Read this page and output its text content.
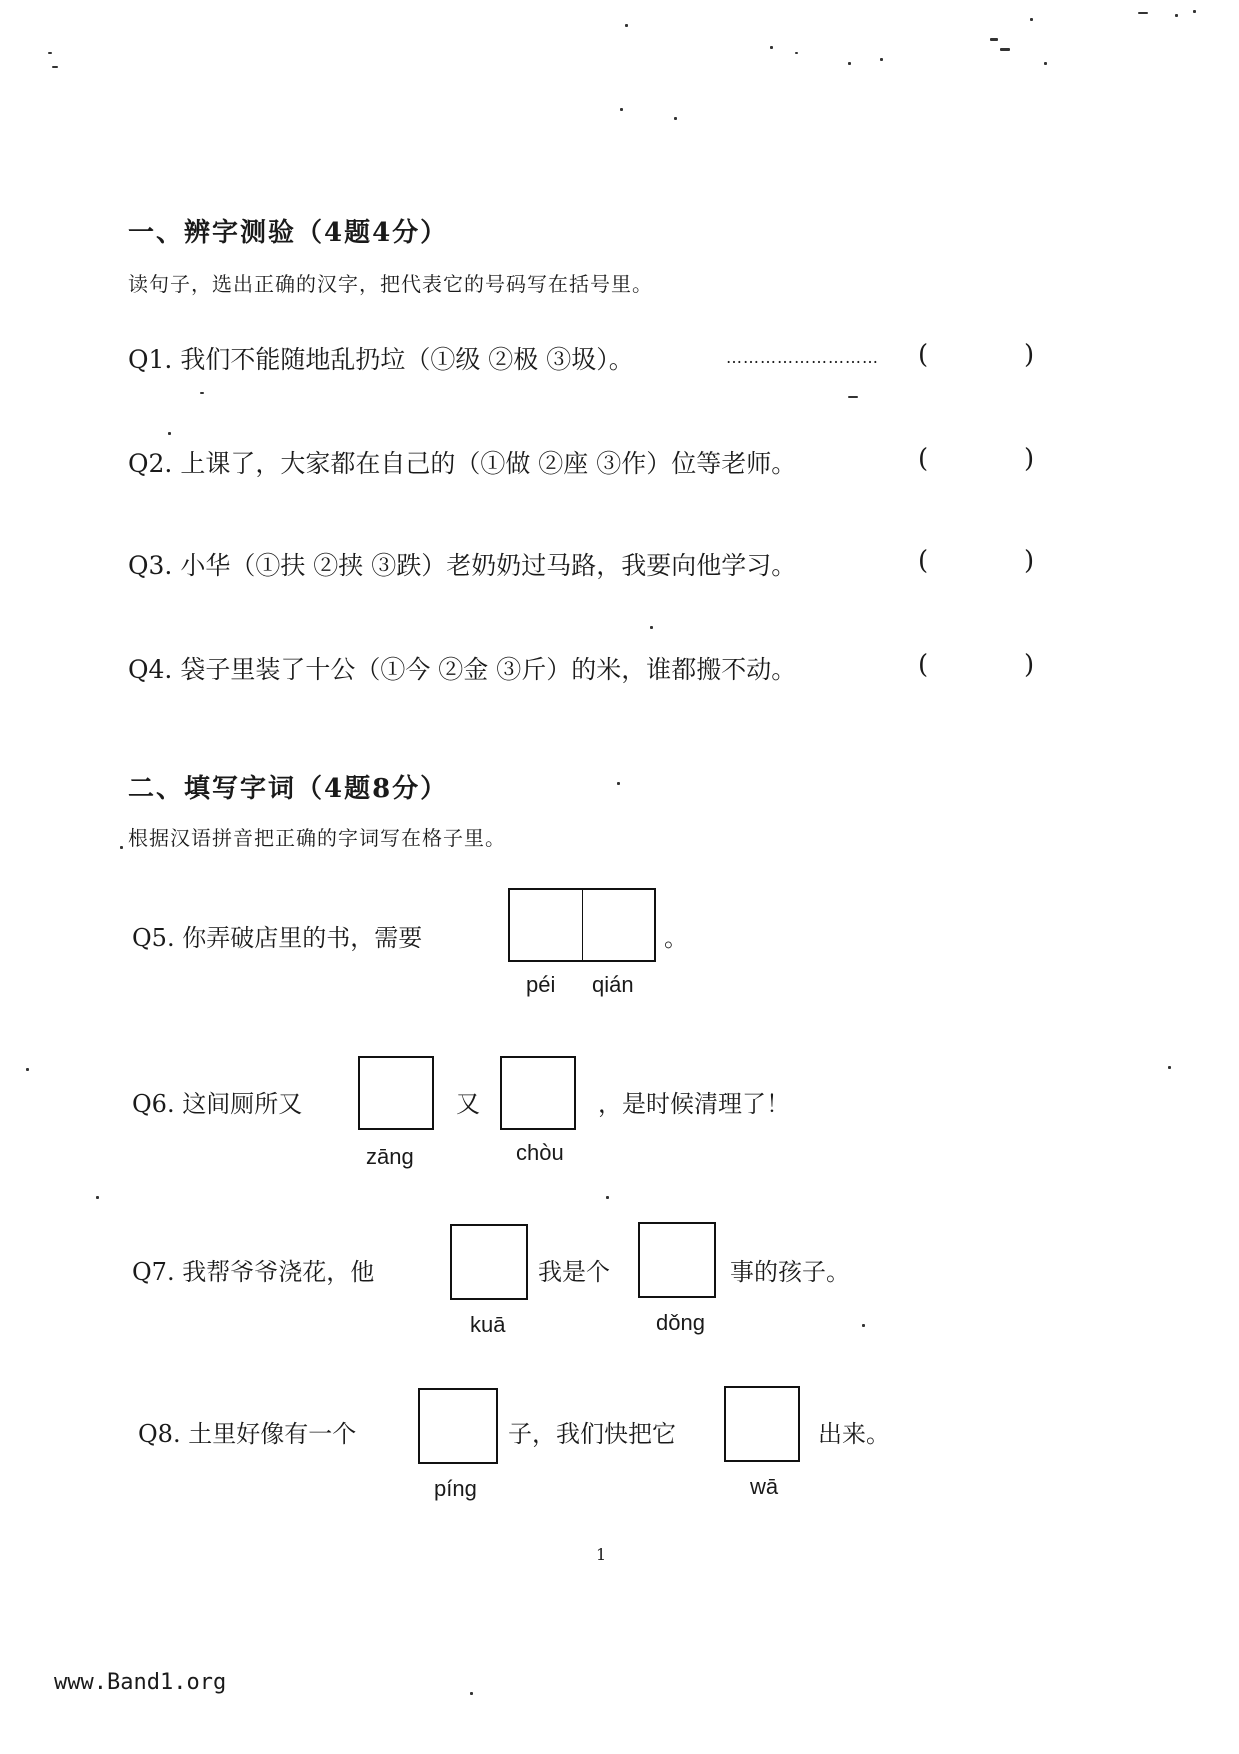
一、辨字测验（4题4分）
读句子，选出正确的汉字，把代表它的号码写在括号里。
Q1. 我们不能随地乱扔垃（①级 ②极 ③圾）。	……………………… (	)
Q2. 上课了，大家都在自己的（①做 ②座 ③作）位等老师。	(	)
Q3. 小华（①扶 ②挟 ③跌）老奶奶过马路，我要向他学习。	(	)
Q4. 袋子里装了十公（①今 ②金 ③斤）的米，谁都搬不动。	(	)
二、填写字词（4题8分）
根据汉语拼音把正确的字词写在格子里。
Q5. 你弄破店里的书，需要	。
péi qián
Q6. 这间厕所又	又	，是时候清理了！
zāng	chòu
Q7. 我帮爷爷浇花，他	我是个	事的孩子。
kuā	dǒng
Q8. 土里好像有一个	子，我们快把它	出来。
píng	wā
1
www.Band1.org
